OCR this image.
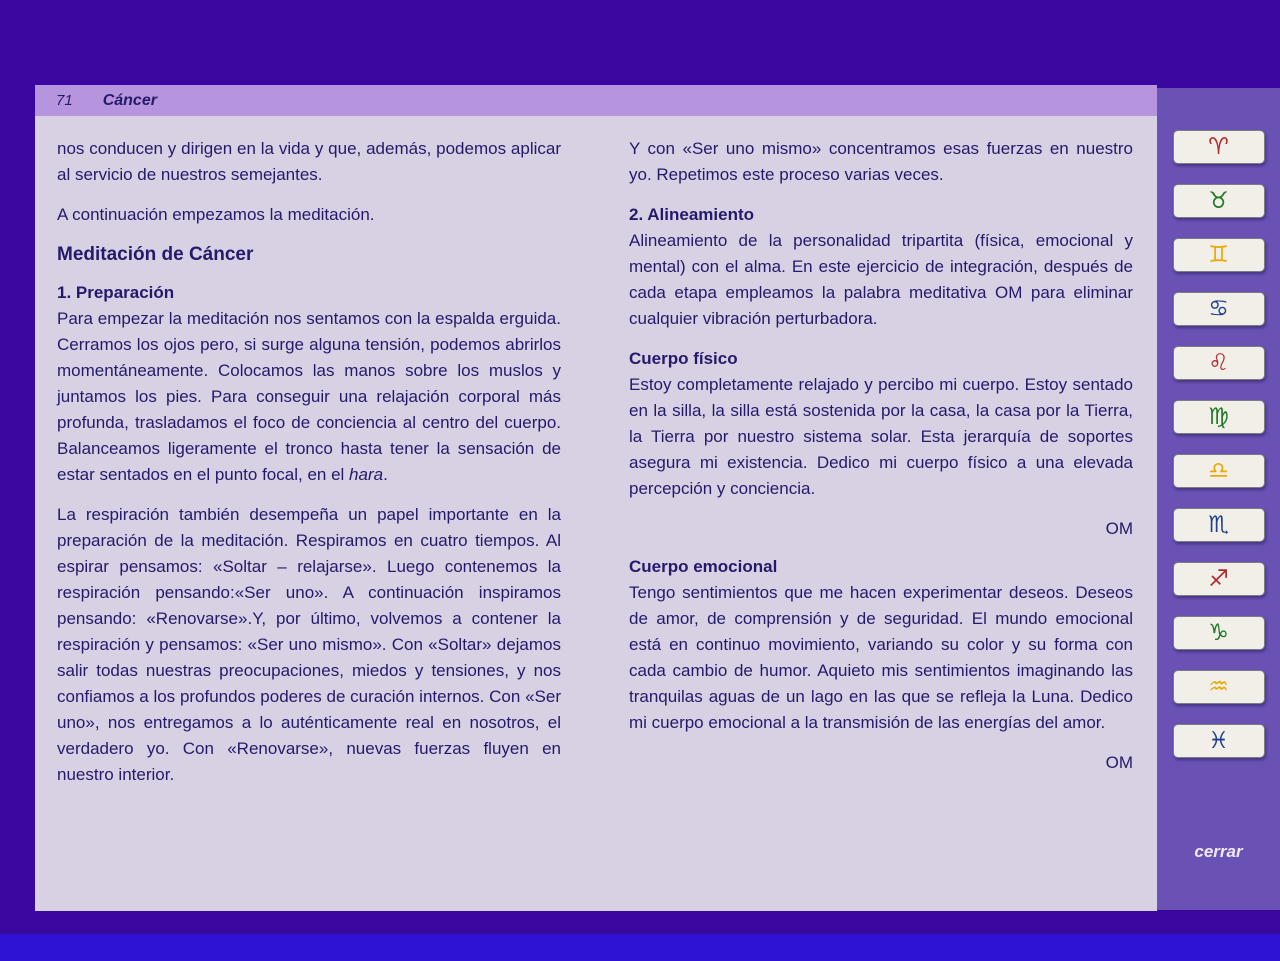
71 Cáncer

nos conducen y dirigen en la vida y que, además, podemos aplicar al servicio de nuestros semejantes.

A continuación empezamos la meditación.

Meditación de Cáncer
1. Preparación

Para empezar la meditación nos sentamos con la espalda erguida. Cerramos los ojos pero, si surge alguna tensión, podemos abrirlos momentáneamente. Colocamos las manos sobre los muslos y juntamos los pies. Para conseguir una relajación corporal más profunda, trasladamos el foco de conciencia al centro del cuerpo. Balanceamos ligeramente el tronco hasta tener la sensación de estar sentados en el punto focal, en el hara.

La respiración también desempeña un papel importante en la preparación de la meditación. Respiramos en cuatro tiempos. Al espirar pensamos: «Soltar – relajarse». Luego contenemos la respiración pensando:«Ser uno». A continuación inspiramos pensando: «Renovarse».Y, por último, volvemos a contener la respiración y pensamos: «Ser uno mismo». Con «Soltar» dejamos salir todas nuestras preocupaciones, miedos y tensiones, y nos confiamos a los profundos poderes de curación internos. Con «Ser uno», nos entregamos a lo auténticamente real en nosotros, el verdadero yo. Con «Renovarse», nuevas fuerzas fluyen en nuestro interior.

Y con «Ser uno mismo» concentramos esas fuerzas en nuestro yo. Repetimos este proceso varias veces.

2. Alineamiento

Alineamiento de la personalidad tripartita (física, emocional y mental) con el alma. En este ejercicio de integración, después de cada etapa empleamos la palabra meditativa OM para eliminar cualquier vibración perturbadora.

Cuerpo físico

Estoy completamente relajado y percibo mi cuerpo. Estoy sentado en la silla, la silla está sostenida por la casa, la casa por la Tierra, la Tierra por nuestro sistema solar. Esta jerarquía de soportes asegura mi existencia. Dedico mi cuerpo físico a una elevada percepción y conciencia.

OM

Cuerpo emocional

Tengo sentimientos que me hacen experimentar deseos. Deseos de amor, de comprensión y de seguridad. El mundo emocional está en continuo movimiento, variando su color y su forma con cada cambio de humor. Aquieto mis sentimientos imaginando las tranquilas aguas de un lago en las que se refleja la Luna. Dedico mi cuerpo emocional a la transmisión de las energías del amor.

OM

♈
♉
♊
♋
♌
♍
♎
♏
♐
♑
♒
♓
cerrar
